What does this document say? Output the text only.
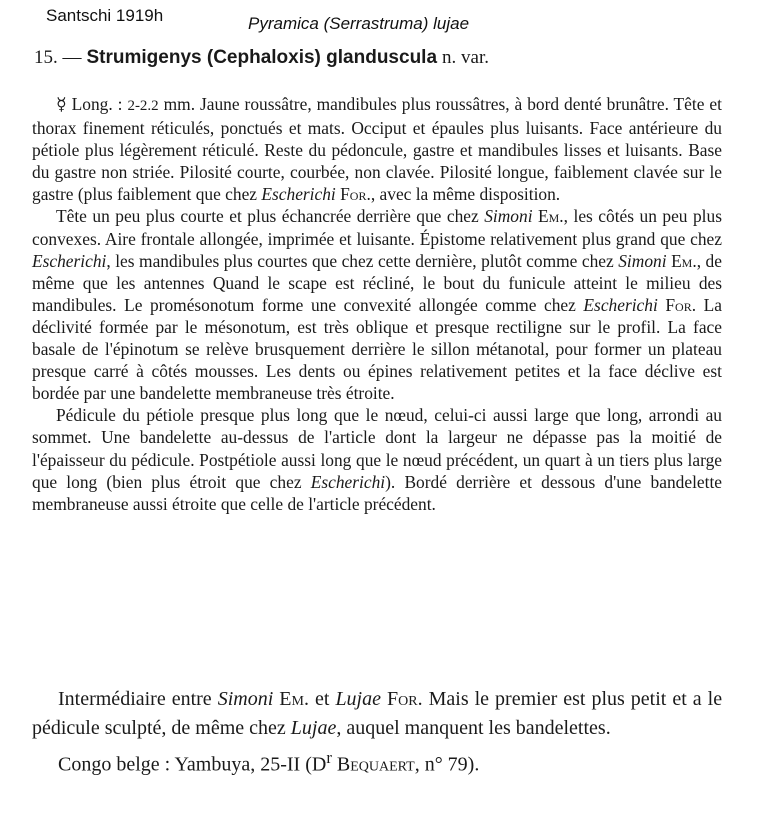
Santschi 1919h	Pyramica (Serrastruma) lujae
15. — Strumigenys (Cephaloxis) glanduscula n. var.

☿ Long. : 2-2.2 mm. Jaune roussâtre, mandibules plus roussâtres, à bord denté brunâtre. Tête et thorax finement réticulés, ponctués et mats. Occiput et épaules plus luisants. Face antérieure du pétiole plus légèrement réticulé. Reste du pédoncule, gastre et mandibules lisses et luisants. Base du gastre non striée. Pilosité courte, courbée, non clavée. Pilosité longue, faiblement clavée sur le gastre (plus faiblement que chez Escherichi For., avec la même disposition.

Tête un peu plus courte et plus échancrée derrière que chez Simoni Em., les côtés un peu plus convexes. Aire frontale allongée, imprimée et luisante. Épistome relativement plus grand que chez Escherichi, les mandibules plus courtes que chez cette dernière, plutôt comme chez Simoni Em., de même que les antennes Quand le scape est récliné, le bout du funicule atteint le milieu des mandibules. Le promésonotum forme une convexité allongée comme chez Escherichi For. La déclivité formée par le mésonotum, est très oblique et presque rectiligne sur le profil. La face basale de l'épinotum se relève brusquement derrière le sillon métanotal, pour former un plateau presque carré à côtés mousses. Les dents ou épines relativement petites et la face déclive est bordée par une bandelette membraneuse très étroite.

Pédicule du pétiole presque plus long que le nœud, celui-ci aussi large que long, arrondi au sommet. Une bandelette au-dessus de l'article dont la largeur ne dépasse pas la moitié de l'épaisseur du pédicule. Postpétiole aussi long que le nœud précédent, un quart à un tiers plus large que long (bien plus étroit que chez Escherichi). Bordé derrière et dessous d'une bandelette membraneuse aussi étroite que celle de l'article précédent.

Intermédiaire entre Simoni Em. et Lujae For. Mais le premier est plus petit et a le pédicule sculpté, de même chez Lujae, auquel manquent les bandelettes.

Congo belge : Yambuya, 25-II ($D^r$ Bequaert, n° 79).
